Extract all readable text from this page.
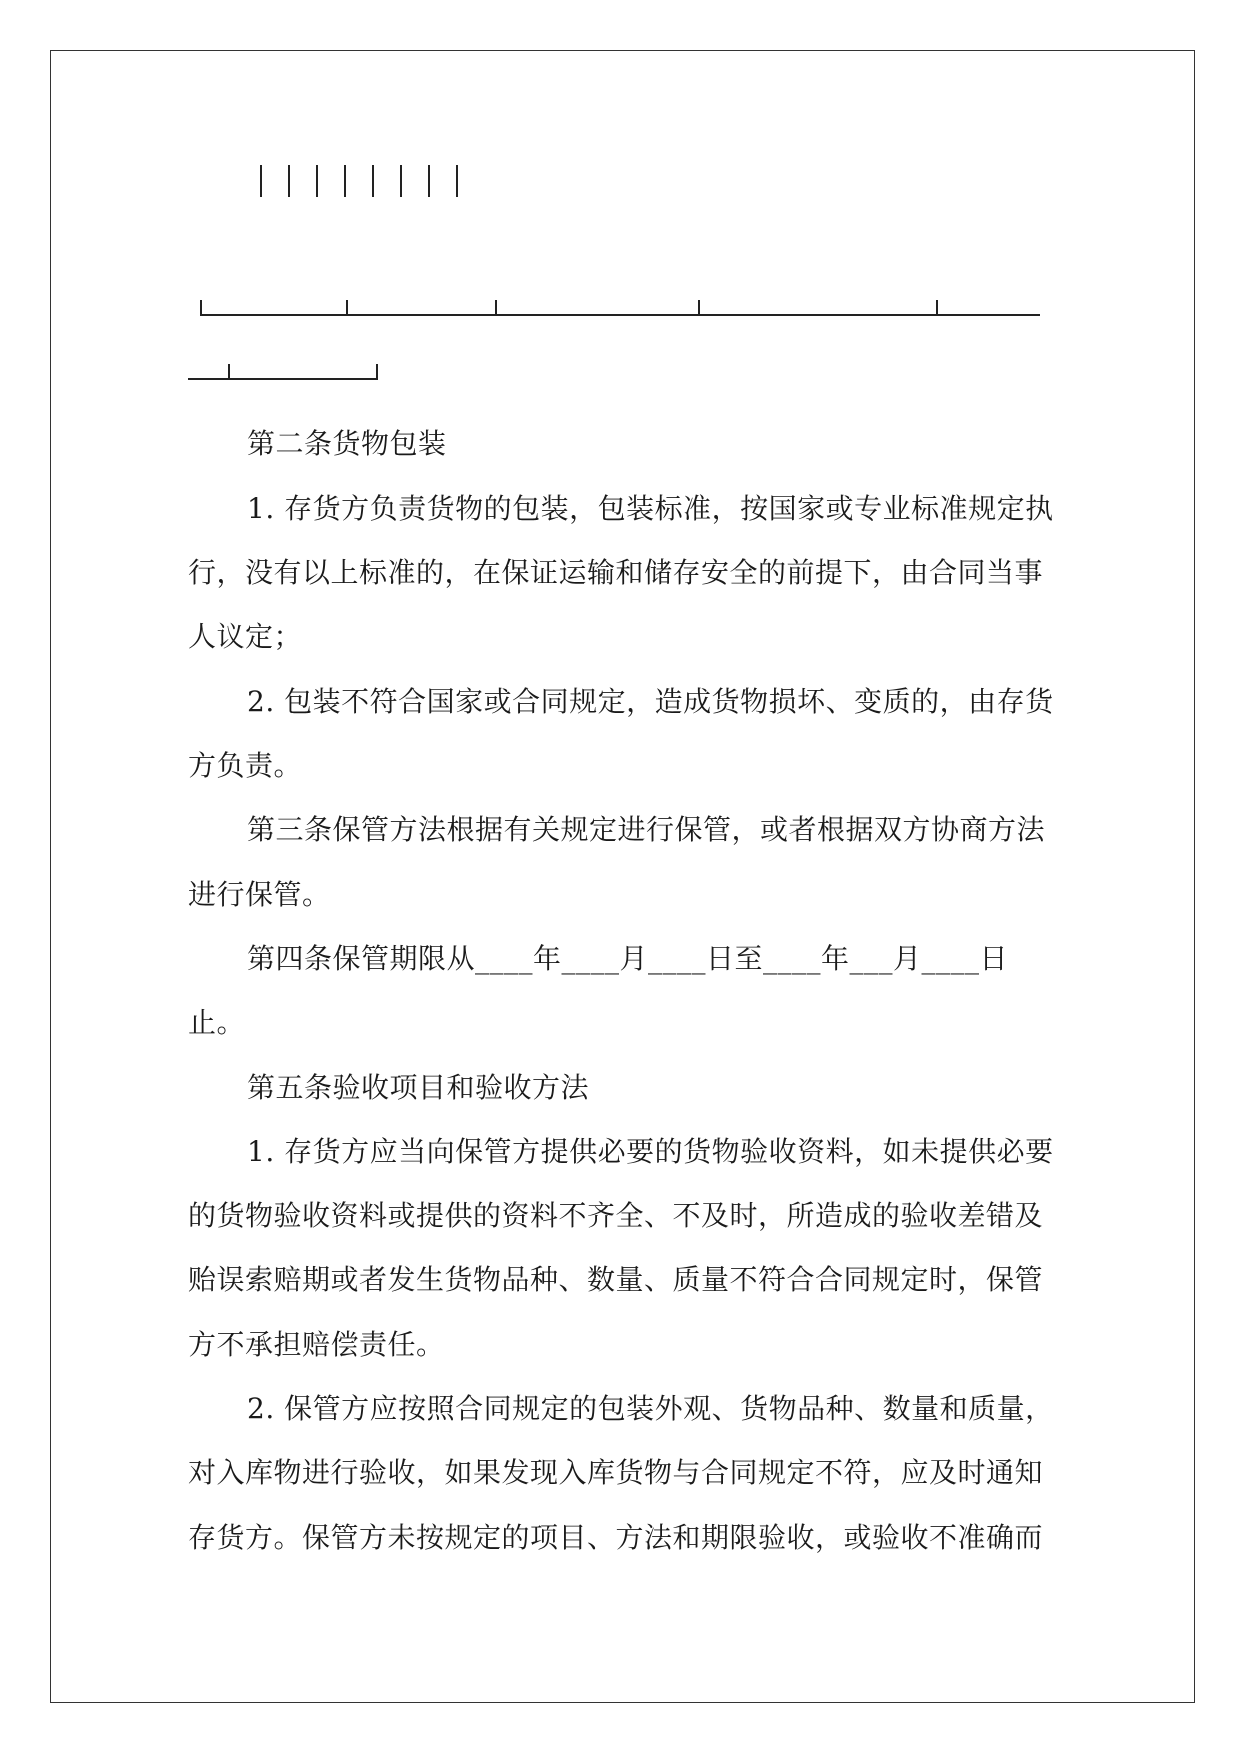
第二条货物包装
1. 存货方负责货物的包装，包装标准，按国家或专业标准规定执
行，没有以上标准的，在保证运输和储存安全的前提下，由合同当事
人议定；
2. 包装不符合国家或合同规定，造成货物损坏、变质的，由存货
方负责。
第三条保管方法根据有关规定进行保管，或者根据双方协商方法
进行保管。
第四条保管期限从____年____月____日至____年___月____日
止。
第五条验收项目和验收方法
1. 存货方应当向保管方提供必要的货物验收资料，如未提供必要
的货物验收资料或提供的资料不齐全、不及时，所造成的验收差错及
贻误索赔期或者发生货物品种、数量、质量不符合合同规定时，保管
方不承担赔偿责任。
2. 保管方应按照合同规定的包装外观、货物品种、数量和质量，
对入库物进行验收，如果发现入库货物与合同规定不符，应及时通知
存货方。保管方未按规定的项目、方法和期限验收，或验收不准确而
